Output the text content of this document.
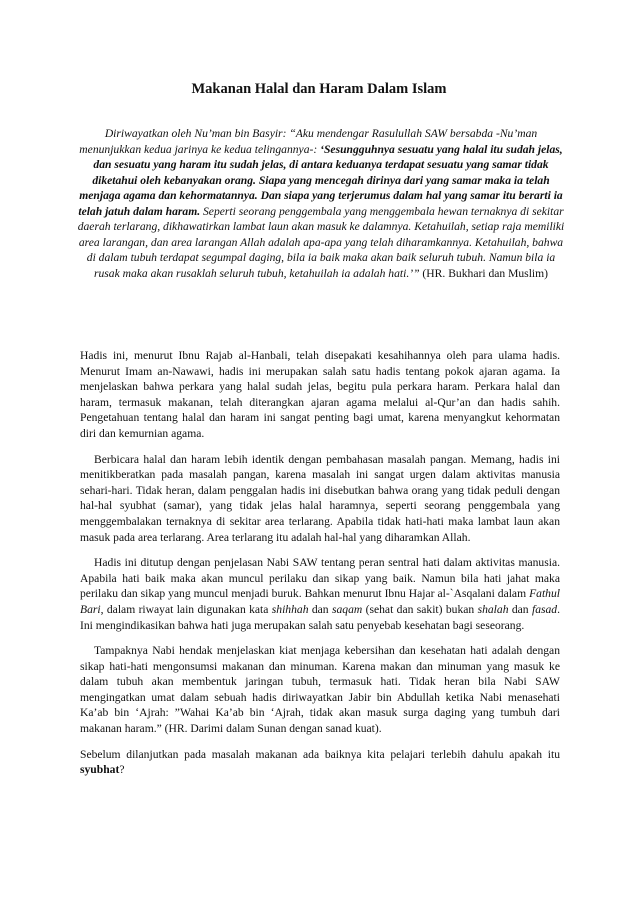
Makanan Halal dan Haram Dalam Islam
Diriwayatkan oleh Nu’man bin Basyir: “Aku mendengar Rasulullah SAW bersabda -Nu’man menunjukkan kedua jarinya ke kedua telingannya-: ‘Sesungguhnya sesuatu yang halal itu sudah jelas, dan sesuatu yang haram itu sudah jelas, di antara keduanya terdapat sesuatu yang samar tidak diketahui oleh kebanyakan orang. Siapa yang mencegah dirinya dari yang samar maka ia telah menjaga agama dan kehormatannya. Dan siapa yang terjerumus dalam hal yang samar itu berarti ia telah jatuh dalam haram. Seperti seorang penggembala yang menggembala hewan ternaknya di sekitar daerah terlarang, dikhawatirkan lambat laun akan masuk ke dalamnya. Ketahuilah, setiap raja memiliki area larangan, dan area larangan Allah adalah apa-apa yang telah diharamkannya. Ketahuilah, bahwa di dalam tubuh terdapat segumpal daging, bila ia baik maka akan baik seluruh tubuh. Namun bila ia rusak maka akan rusaklah seluruh tubuh, ketahuilah ia adalah hati.’” (HR. Bukhari dan Muslim)

Hadis ini, menurut Ibnu Rajab al-Hanbali, telah disepakati kesahihannya oleh para ulama hadis. Menurut Imam an-Nawawi, hadis ini merupakan salah satu hadis tentang pokok ajaran agama. Ia menjelaskan bahwa perkara yang halal sudah jelas, begitu pula perkara haram. Perkara halal dan haram, termasuk makanan, telah diterangkan ajaran agama melalui al-Qur’an dan hadis sahih. Pengetahuan tentang halal dan haram ini sangat penting bagi umat, karena menyangkut kehormatan diri dan kemurnian agama.

Berbicara halal dan haram lebih identik dengan pembahasan masalah pangan. Memang, hadis ini menitikberatkan pada masalah pangan, karena masalah ini sangat urgen dalam aktivitas manusia sehari-hari. Tidak heran, dalam penggalan hadis ini disebutkan bahwa orang yang tidak peduli dengan hal-hal syubhat (samar), yang tidak jelas halal haramnya, seperti seorang penggembala yang menggembalakan ternaknya di sekitar area terlarang. Apabila tidak hati-hati maka lambat laun akan masuk pada area terlarang. Area terlarang itu adalah hal-hal yang diharamkan Allah.

Hadis ini ditutup dengan penjelasan Nabi SAW tentang peran sentral hati dalam aktivitas manusia. Apabila hati baik maka akan muncul perilaku dan sikap yang baik. Namun bila hati jahat maka perilaku dan sikap yang muncul menjadi buruk. Bahkan menurut Ibnu Hajar al-`Asqalani dalam Fathul Bari, dalam riwayat lain digunakan kata shihhah dan saqam (sehat dan sakit) bukan shalah dan fasad. Ini mengindikasikan bahwa hati juga merupakan salah satu penyebab kesehatan bagi seseorang.

Tampaknya Nabi hendak menjelaskan kiat menjaga kebersihan dan kesehatan hati adalah dengan sikap hati-hati mengonsumsi makanan dan minuman. Karena makan dan minuman yang masuk ke dalam tubuh akan membentuk jaringan tubuh, termasuk hati. Tidak heran bila Nabi SAW mengingatkan umat dalam sebuah hadis diriwayatkan Jabir bin Abdullah ketika Nabi menasehati Ka’ab bin ‘Ajrah: ”Wahai Ka’ab bin ‘Ajrah, tidak akan masuk surga daging yang tumbuh dari makanan haram.” (HR. Darimi dalam Sunan dengan sanad kuat).

Sebelum dilanjutkan pada masalah makanan ada baiknya kita pelajari terlebih dahulu apakah itu syubhat?
